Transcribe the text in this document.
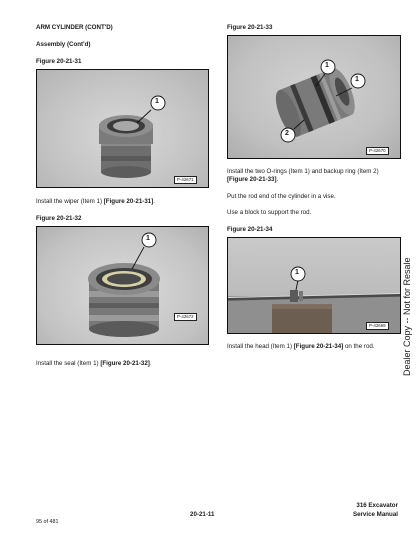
ARM CYLINDER (CONT'D)
Assembly (Cont'd)
Figure 20-21-31
1
P-42671
Install the wiper (Item 1) [Figure 20-21-31].
Figure 20-21-32
1
P-42672
Install the seal (Item 1) [Figure 20-21-32].
Figure 20-21-33
1
1
2
P-42670
Install the two O-rings (Item 1) and backup ring (Item 2)
[Figure 20-21-33].
Put the rod end of the cylinder in a vise.
Use a block to support the rod.
Figure 20-21-34
1
P-42669
Install the head (Item 1) [Figure 20-21-34] on the rod.	Dealer Copy -- Not for Resale
20-21-11
316 Excavator
Service Manual
95 of 481
